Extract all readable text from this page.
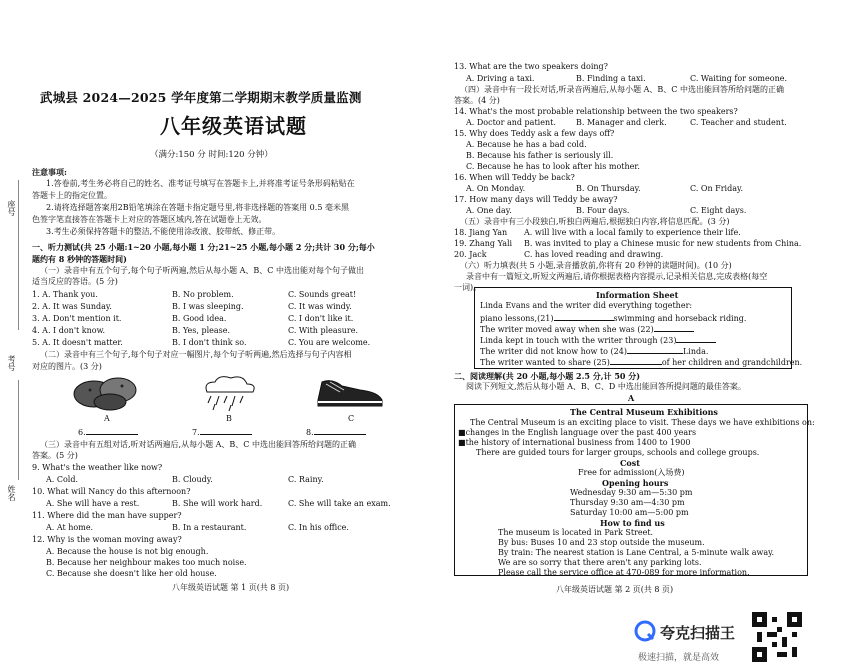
座号
考号
姓名
武城县 2024—2025 学年度第二学期期末教学质量监测
八年级英语试题
（满分:150 分 时间:120 分钟）
注意事项:
1.答卷前,考生务必将自己的姓名、准考证号填写在答题卡上,并将准考证号条形码粘贴在
答题卡上的指定位置。
2.请将选择题答案用2B铅笔填涂在答题卡指定题号里,将非选择题的答案用 0.5 毫米黑
色签字笔直接答在答题卡上对应的答题区域内,答在试题卷上无效。
3.考生必须保持答题卡的整洁,不能使用涂改液、胶带纸、修正带。
一、听力测试(共 25 小题:1~20 小题,每小题 1 分;21~25 小题,每小题 2 分;共计 30 分;每小
题约有 8 秒钟的答题时间)
（一）录音中有五个句子,每个句子听两遍,然后从每小题 A、B、C 中选出能对每个句子做出
适当反应的答语。(5 分)
1. A. Thank you.	B. No problem.	C. Sounds great!
2. A. It was Sunday.	B. I was sleeping.	C. It was windy.
3. A. Don't mention it.	B. Good idea.	C. I don't like it.
4. A. I don't know.	B. Yes, please.	C. With pleasure.
5. A. It doesn't matter.	B. I don't think so.	C. You are welcome.
（二）录音中有三个句子,每个句子对应一幅图片,每个句子听两遍,然后选择与句子内容相
对应的图片。(3 分)
A	B	C
6.	7.	8.
（三）录音中有五组对话,听对话两遍后,从每小题 A、B、C 中选出能回答所给问题的正确
答案。(5 分)
9. What's the weather like now?
A. Cold.	B. Cloudy.	C. Rainy.
10. What will Nancy do this afternoon?
A. She will have a rest.	B. She will work hard.	C. She will take an exam.
11. Where did the man have supper?
A. At home.	B. In a restaurant.	C. In his office.
12. Why is the woman moving away?
A. Because the house is not big enough.
B. Because her neighbour makes too much noise.
C. Because she doesn't like her old house.
八年级英语试题 第 1 页(共 8 页)
13. What are the two speakers doing?
A. Driving a taxi.	B. Finding a taxi.	C. Waiting for someone.
（四）录音中有一段长对话,听录音两遍后,从每小题 A、B、C 中选出能回答所给问题的正确
答案。(4 分)
14. What's the most probable relationship between the two speakers?
A. Doctor and patient.	B. Manager and clerk.	C. Teacher and student.
15. Why does Teddy ask a few days off?
A. Because he has a bad cold.
B. Because his father is seriously ill.
C. Because he has to look after his mother.
16. When will Teddy be back?
A. On Monday.	B. On Thursday.	C. On Friday.
17. How many days will Teddy be away?
A. One day.	B. Four days.	C. Eight days.
（五）录音中有三小段独白,听独白两遍后,根据独白内容,将信息匹配。(3 分)
18. Jiang Yan A. will live with a local family to experience their life.
19. Zhang Yali B. was invited to play a Chinese music for new students from China.
20. Jack	C. has loved reading and drawing.
（六）听力填表(共 5 小题,录音播放前,你将有 20 秒钟的读题时间)。(10 分)
录音中有一篇短文,听短文两遍后,请你根据表格内容提示,记录相关信息,完成表格(每空
一词)。
Information Sheet
Linda Evans and the writer did everything together:
piano lessons,(21)	swimming and horseback riding.
The writer moved away when she was (22)
Linda kept in touch with the writer through (23)
The writer did not know how to (24)	Linda.
The writer wanted to share (25)	of her children and grandchildren.
二、阅读理解(共 20 小题,每小题 2.5 分,计 50 分)
阅读下列短文,然后从每小题 A、B、C、D 中选出能回答所提问题的最佳答案。
A
The Central Museum Exhibitions
The Central Museum is an exciting place to visit. These days we have exhibitions on:
■changes in the English language over the past 400 years
■the history of international business from 1400 to 1900
There are guided tours for larger groups, schools and college groups.
Cost
Free for admission(入场费)
Opening hours
Wednesday 9:30 am—5:30 pm
Thursday 9:30 am—4:30 pm
Saturday 10:00 am—5:00 pm
How to find us
The museum is located in Park Street.
By bus: Buses 10 and 23 stop outside the museum.
By train: The nearest station is Lane Central, a 5-minute walk away.
We are so sorry that there aren't any parking lots.
Please call the service office at 470-089 for more information.
八年级英语试题 第 2 页(共 8 页)
夸克扫描王
极速扫描，就是高效
